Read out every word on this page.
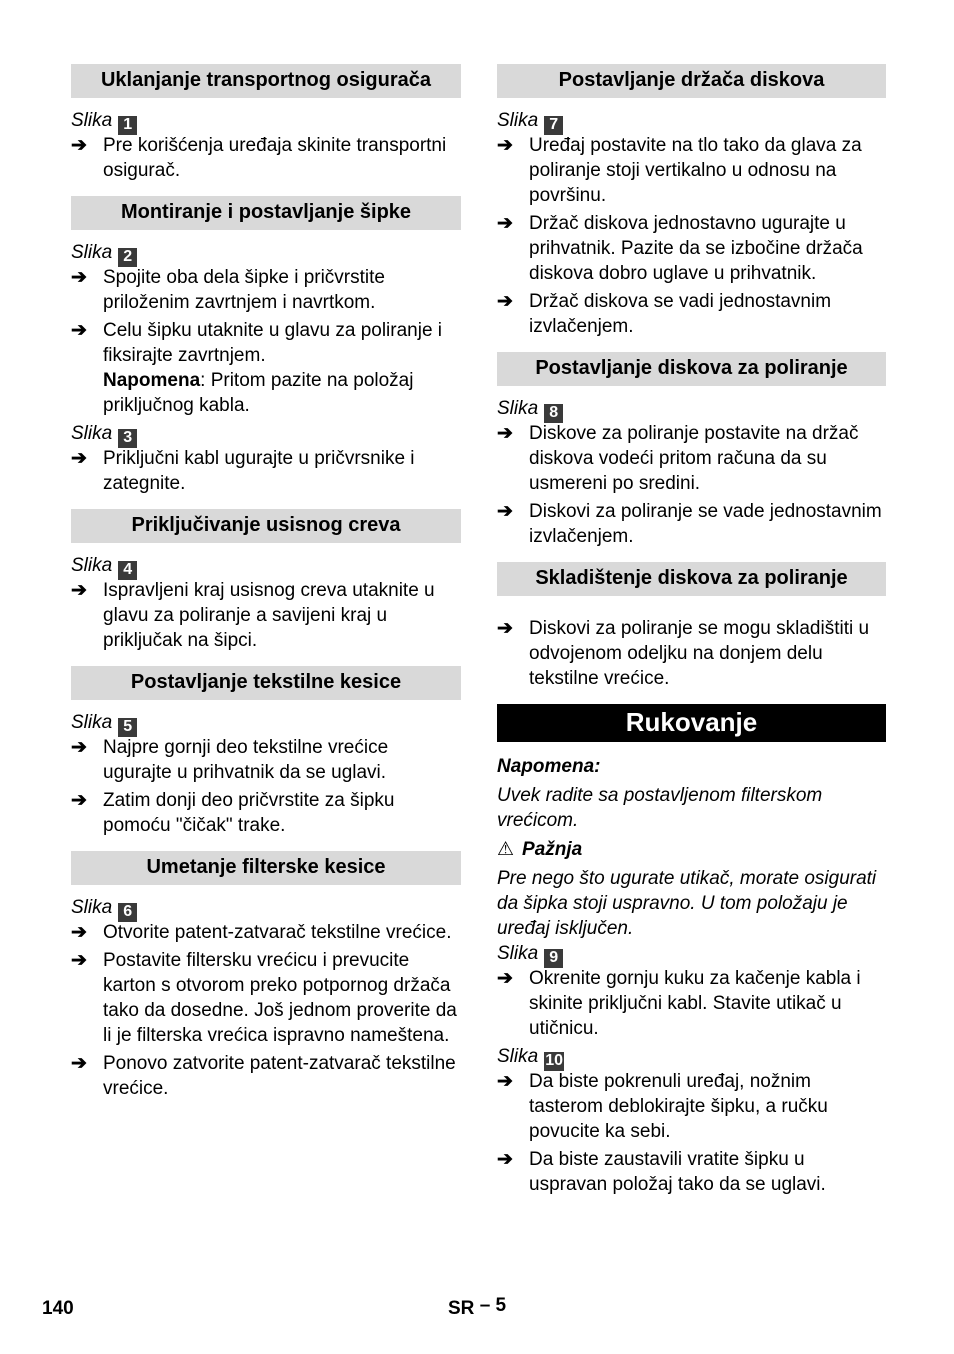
Uklanjanje transportnog osigurača
Slika 1
➔ Pre korišćenja uređaja skinite transportni osigurač.
Montiranje i postavljanje šipke
Slika 2
➔ Spojite oba dela šipke i pričvrstite priloženim zavrtnjem i navrtkom.
➔ Celu šipku utaknite u glavu za poliranje i fiksirajte zavrtnjem.
Napomena: Pritom pazite na položaj priključnog kabla.
Slika 3
➔ Priključni kabl ugurajte u pričvrsnike i zategnite.
Priključivanje usisnog creva
Slika 4
➔ Ispravljeni kraj usisnog creva utaknite u glavu za poliranje a savijeni kraj u priključak na šipci.
Postavljanje tekstilne kesice
Slika 5
➔ Najpre gornji deo tekstilne vrećice ugurajte u prihvatnik da se uglavi.
➔ Zatim donji deo pričvrstite za šipku pomoću "čičak" trake.
Umetanje filterske kesice
Slika 6
➔ Otvorite patent-zatvarač tekstilne vrećice.
➔ Postavite filtersku vrećicu i prevucite karton s otvorom preko potpornog držača tako da dosedne. Još jednom proverite da li je filterska vrećica ispravno nameštena.
➔ Ponovo zatvorite patent-zatvarač tekstilne vrećice.
Postavljanje držača diskova
Slika 7
➔ Uređaj postavite na tlo tako da glava za poliranje stoji vertikalno u odnosu na površinu.
➔ Držač diskova jednostavno ugurajte u prihvatnik. Pazite da se izbočine držača diskova dobro uglave u prihvatnik.
➔ Držač diskova se vadi jednostavnim izvlačenjem.
Postavljanje diskova za poliranje
Slika 8
➔ Diskove za poliranje postavite na držač diskova vodeći pritom računa da su usmereni po sredini.
➔ Diskovi za poliranje se vade jednostavnim izvlačenjem.
Skladištenje diskova za poliranje
➔ Diskovi za poliranje se mogu skladištiti u odvojenom odeljku na donjem delu tekstilne vrećice.
Rukovanje
Napomena:
Uvek radite sa postavljenom filterskom vrećicom.
⚠ Pažnja
Pre nego što ugurate utikač, morate osigurati da šipka stoji uspravno. U tom položaju je uređaj isključen.
Slika 9
➔ Okrenite gornju kuku za kačenje kabla i skinite priključni kabl. Stavite utikač u utičnicu.
Slika 10
➔ Da biste pokrenuli uređaj, nožnim tasterom deblokirajte šipku, a ručku povucite ka sebi.
➔ Da biste zaustavili vratite šipku u uspravan položaj tako da se uglavi.
140	SR – 5
